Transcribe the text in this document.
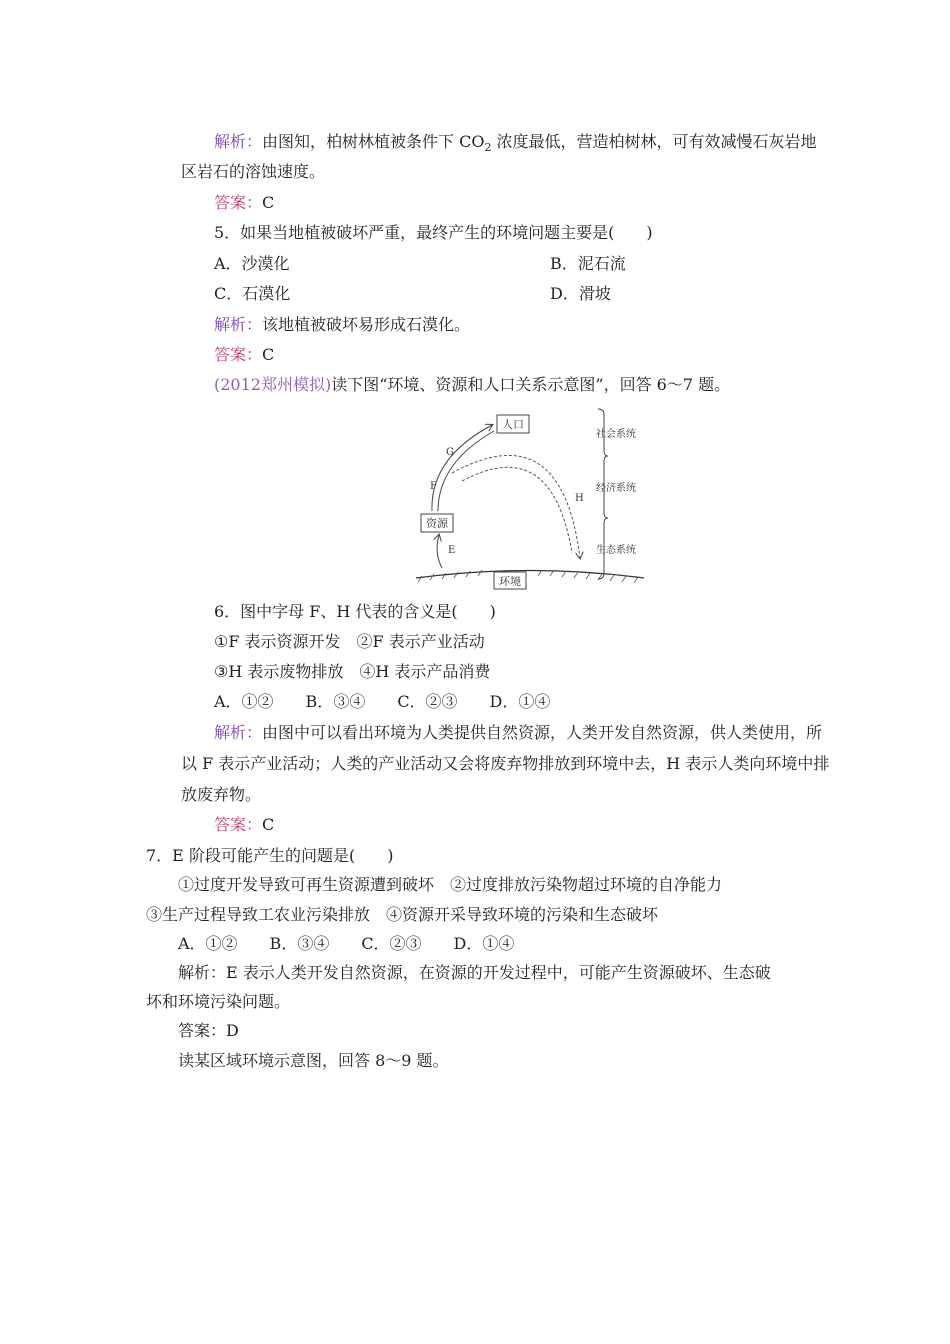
解析：由图知，柏树林植被条件下 $CO_2$ 浓度最低，营造柏树林，可有效减慢石灰岩地
区岩石的溶蚀速度。
答案：C
5．如果当地植被破坏严重，最终产生的环境问题主要是(　　)
A．沙漠化	B．泥石流
C．石漠化	D．滑坡
解析：该地植被破坏易形成石漠化。
答案：C
(2012郑州模拟)读下图“环境、资源和人口关系示意图”，回答 6～7 题。
人口
资源
环境
G
F
E
H
社会系统
经济系统
生态系统
6．图中字母 F、H 代表的含义是(　　)
①F 表示资源开发　②F 表示产业活动
③H 表示废物排放　④H 表示产品消费
A．①②　　B．③④　　C．②③　　D．①④
解析：由图中可以看出环境为人类提供自然资源，人类开发自然资源，供人类使用，所
以 F 表示产业活动；人类的产业活动又会将废弃物排放到环境中去，H 表示人类向环境中排
放废弃物。
答案：C
7．E 阶段可能产生的问题是(　　)
①过度开发导致可再生资源遭到破坏　②过度排放污染物超过环境的自净能力
③生产过程导致工农业污染排放　④资源开采导致环境的污染和生态破坏
A．①②　　B．③④　　C．②③　　D．①④
解析：E 表示人类开发自然资源，在资源的开发过程中，可能产生资源破坏、生态破
坏和环境污染问题。
答案：D
读某区域环境示意图，回答 8～9 题。
